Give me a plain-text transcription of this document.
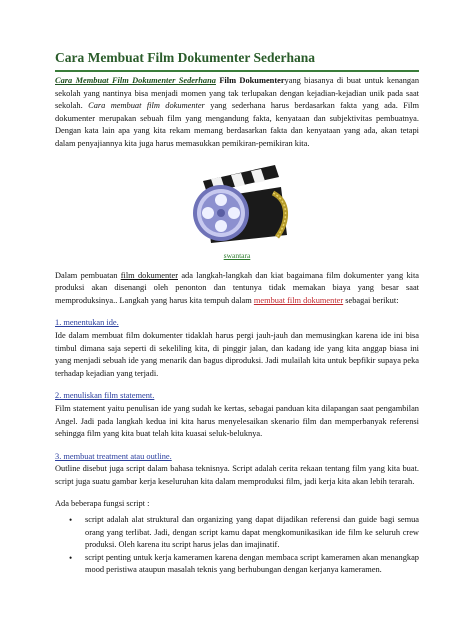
Cara Membuat Film Dokumenter Sederhana

Cara Membuat Film Dokumenter Sederhana Film Dokumenteryang biasanya di buat untuk kenangan sekolah yang nantinya bisa menjadi momen yang tak terlupakan dengan kejadian-kejadian unik pada saat sekolah. Cara membuat film dokumenter yang sederhana harus berdasarkan fakta yang ada. Film dokumenter merupakan sebuah film yang mengandung fakta, kenyataan dan subjektivitas pembuatnya. Dengan kata lain apa yang kita rekam memang berdasarkan fakta dan kenyataan yang ada, akan tetapi dalam penyajiannya kita juga harus memasukkan pemikiran-pemikiran kita.

swantara

Dalam pembuatan film dokumenter ada langkah-langkah dan kiat bagaimana film dokumenter yang kita produksi akan disenangi oleh penonton dan tentunya tidak memakan biaya yang besar saat memproduksinya.. Langkah yang harus kita tempuh dalam membuat film dokumenter sebagai berikut:

1. menentukan ide.

Ide dalam membuat film dokumenter tidaklah harus pergi jauh-jauh dan memusingkan karena ide ini bisa timbul dimana saja seperti di sekeliling kita, di pinggir jalan, dan kadang ide yang kita anggap biasa ini yang menjadi sebuah ide yang menarik dan bagus diproduksi. Jadi mulailah kita untuk bepfikir supaya peka terhadap kejadian yang terjadi.

2. menuliskan film statement.

Film statement yaitu penulisan ide yang sudah ke kertas, sebagai panduan kita dilapangan saat pengambilan Angel. Jadi pada langkah kedua ini kita harus menyelesaikan skenario film dan memperbanyak referensi sehingga film yang kita buat telah kita kuasai seluk-beluknya.

3. membuat treatment atau outline.

Outline disebut juga script dalam bahasa teknisnya. Script adalah cerita rekaan tentang film yang kita buat. script juga suatu gambar kerja keseluruhan kita dalam memproduksi film, jadi kerja kita akan lebih terarah.

Ada beberapa fungsi script :

• script adalah alat struktural dan organizing yang dapat dijadikan referensi dan guide bagi semua orang yang terlibat. Jadi, dengan script kamu dapat mengkomunikasikan ide film ke seluruh crew produksi. Oleh karena itu script harus jelas dan imajinatif.
• script penting untuk kerja kameramen karena dengan membaca script kameramen akan menangkap mood peristiwa ataupun masalah teknis yang berhubungan dengan kerjanya kameramen.
